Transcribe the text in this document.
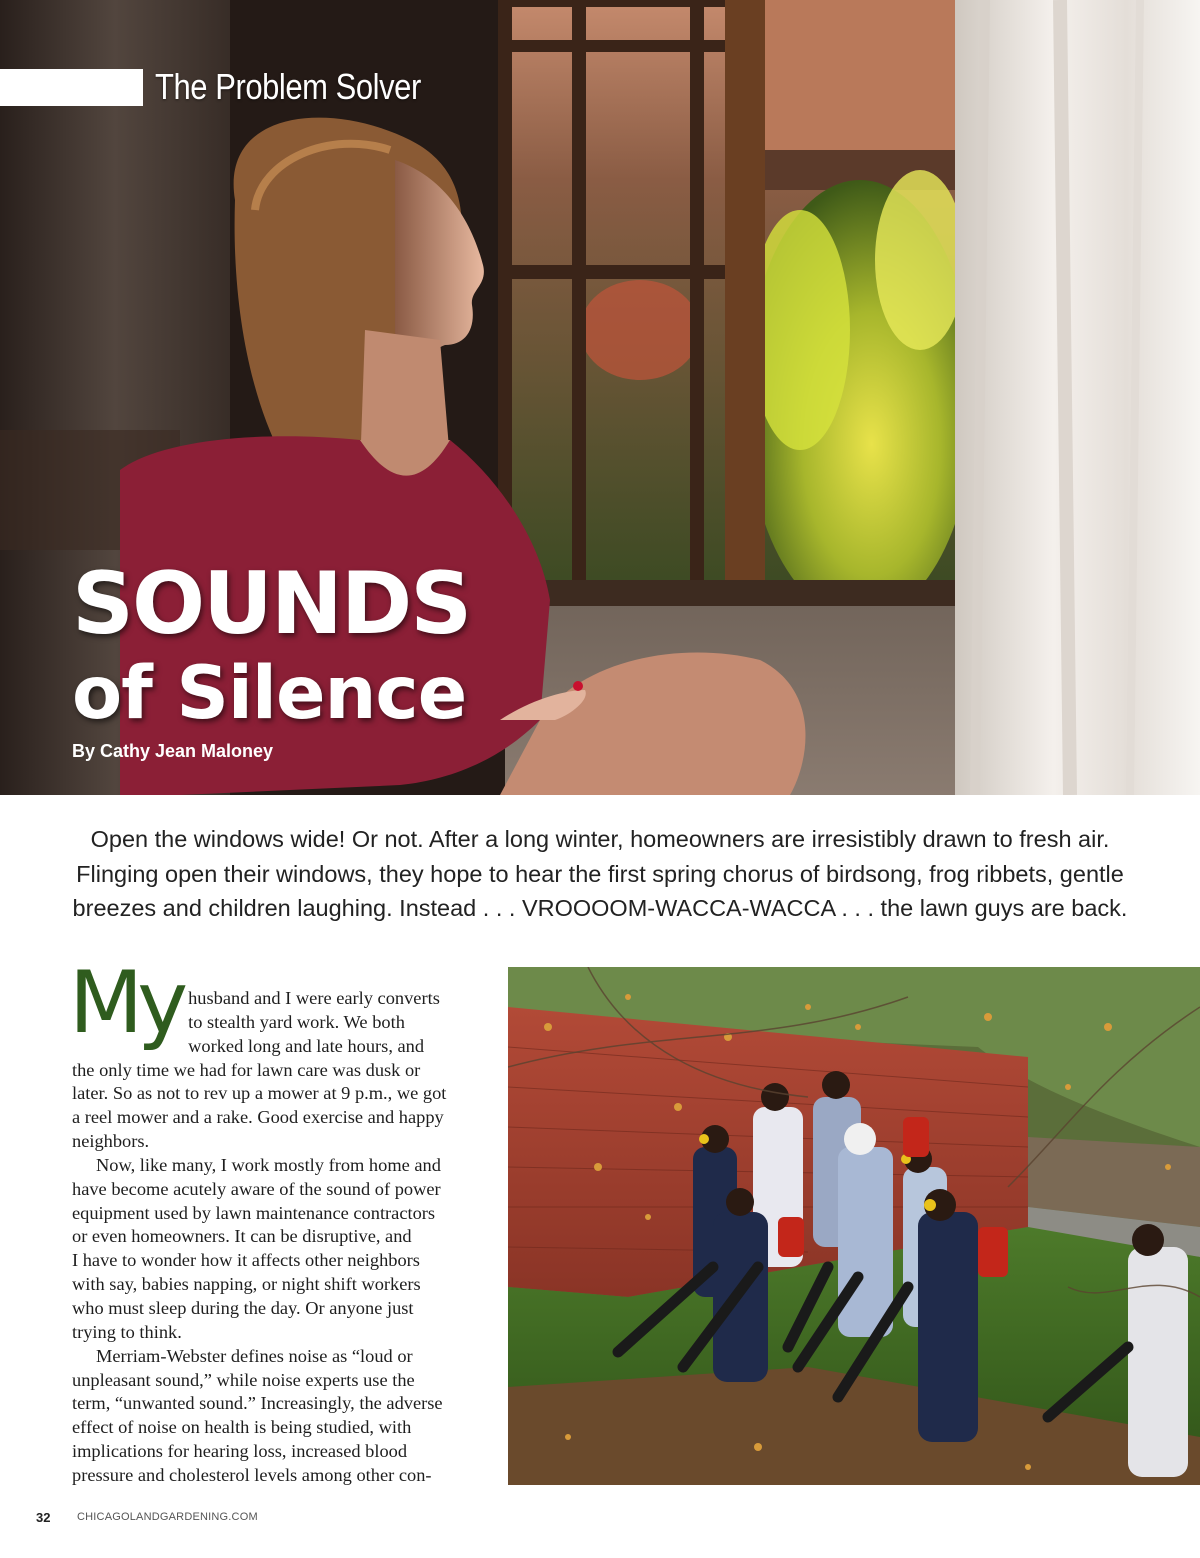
The Problem Solver
SOUNDS
of Silence
By Cathy Jean Maloney
Open the windows wide! Or not. After a long winter, homeowners are irresistibly drawn to fresh air.
Flinging open their windows, they hope to hear the first spring chorus of birdsong, frog ribbets, gentle
breezes and children laughing. Instead . . . VROOOOM-WACCA-WACCA . . . the lawn guys are back.
My husband and I were early converts
to stealth yard work. We both
worked long and late hours, and
the only time we had for lawn care was dusk or
later. So as not to rev up a mower at 9 p.m., we got
a reel mower and a rake. Good exercise and happy
neighbors.

Now, like many, I work mostly from home and
have become acutely aware of the sound of power
equipment used by lawn maintenance contractors
or even homeowners. It can be disruptive, and
I have to wonder how it affects other neighbors
with say, babies napping, or night shift workers
who must sleep during the day. Or anyone just
trying to think.

Merriam-Webster defines noise as “loud or
unpleasant sound,” while noise experts use the
term, “unwanted sound.” Increasingly, the adverse
effect of noise on health is being studied, with
implications for hearing loss, increased blood
pressure and cholesterol levels among other con-

32 CHICAGOLANDGARDENING.COM
